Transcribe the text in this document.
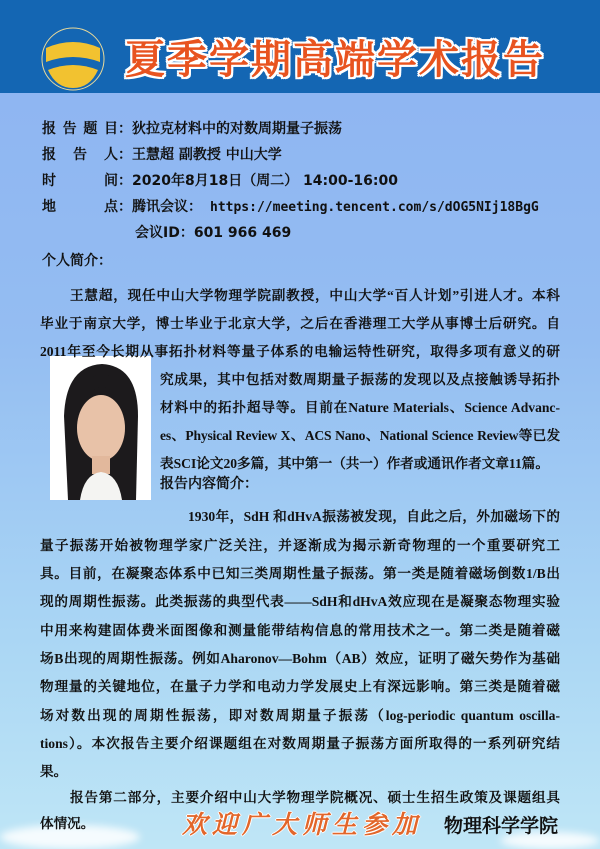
夏季学期高端学术报告
报告题目：狄拉克材料中的对数周期量子振荡
报告人：王慧超 副教授 中山大学
时间：2020年8月18日（周二） 14:00-16:00
地点：腾讯会议： https://meeting.tencent.com/s/dOG5NIj18BgG
会议ID：601 966 469
个人简介：
王慧超，现任中山大学物理学院副教授，中山大学“百人计划”引进人才。本科
毕业于南京大学，博士毕业于北京大学，之后在香港理工大学从事博士后研究。自
2011年至今长期从事拓扑材料等量子体系的电输运特性研究，取得多项有意义的研
究成果，其中包括对数周期量子振荡的发现以及点接触诱导拓扑
材料中的拓扑超导等。目前在Nature Materials、Science Advanc-
es、Physical Review X、ACS Nano、National Science Review等已发
表SCI论文20多篇，其中第一（共一）作者或通讯作者文章11篇。
报告内容简介：
1930年，SdH 和dHvA振荡被发现，自此之后，外加磁场下的
量子振荡开始被物理学家广泛关注，并逐渐成为揭示新奇物理的一个重要研究工
具。目前，在凝聚态体系中已知三类周期性量子振荡。第一类是随着磁场倒数1/B出
现的周期性振荡。此类振荡的典型代表——SdH和dHvA效应现在是凝聚态物理实验
中用来构建固体费米面图像和测量能带结构信息的常用技术之一。第二类是随着磁
场B出现的周期性振荡。例如Aharonov—Bohm（AB）效应，证明了磁矢势作为基础
物理量的关键地位，在量子力学和电动力学发展史上有深远影响。第三类是随着磁
场对数出现的周期性振荡，即对数周期量子振荡（log-periodic quantum oscilla-
tions）。本次报告主要介绍课题组在对数周期量子振荡方面所取得的一系列研究结
果。
报告第二部分，主要介绍中山大学物理学院概况、硕士生招生政策及课题组具
体情况。	欢迎广大师生参加 物理科学学院
